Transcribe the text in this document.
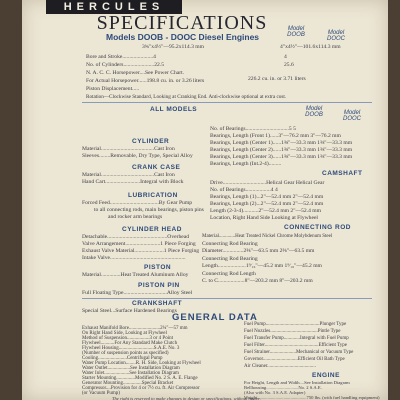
HERCULES
SPECIFICATIONS
Models DOOB - DOOC Diesel Engines
Model DOOB	Model DOOC
3¾"x4½"—95.2x114.3 mm	4"x4½"—101.6x114.3 mm
Bore and Stroke......................4	4
No. of Cylinders......................22.5	25.6
N. A. C. C. Horsepower....See Power Chart.
For Actual Horsepower......198.8 cu. in. or 3.26 liters	226.2 cu. in. or 3.71 liters
Piston Displacement.....
Rotation—Clockwise Standard, Looking at Cranking End. Anti-clockwise optional at extra cost.
ALL MODELS
CYLINDER
Material......................................Cast Iron
Sleeves........Removable, Dry Type, Special Alloy
CRANK CASE
Material......................................Cast Iron
Hand Cart.........................Integral with Block
LUBRICATION
Forced Feed...................................By Gear Pump
to all connecting rods, main bearings, piston pins
and rocker arm bearings
CYLINDER HEAD
Detachable...........................................Overhead
Valve Arrangement.........................1 Piece Forging
Exhaust Valve Material.....................1 Piece Forging
Intake Valve......................................................
PISTON
Material..............Heat Treated Aluminum Alloy
PISTON PIN
Full Floating Type...............................Alloy Steel
CRANKSHAFT
Special Steel...Surface Hardened Bearings
Model DOOB	Model DOOC
No. of Bearings...............................5 5
Bearings, Length (Front 1)......3"—76.2 mm 3"—76.2 mm
Bearings, Length (Center 1)......1⅜"—33.3 mm 1⅜"—33.3 mm
Bearings, Length (Center 2)......1⅜"—33.3 mm 1⅜"—33.3 mm
Bearings, Length (Center 3)......1⅜"—33.3 mm 1⅜"—33.3 mm
Bearings, Length (Int.2-4).........
CAMSHAFT
Drive...............................Helical Gear Helical Gear
No. of Bearings..................4 4
Bearings, Length (1)...2"—52.4 mm 2"—52.4 mm
Bearings, Length (2)...2"—52.4 mm 2"—52.4 mm
Length (2-3-4)...........2"—52.4 mm 2"—52.4 mm
Location, Right Hand Side Looking at Flywheel
CONNECTING ROD
Material.............Heat Treated Nickel Chrome Molybdenum Steel
Connecting Rod Bearing
Diameter...............2⅝"—63.5 mm 2⅝"—63.5 mm
Connecting Rod Bearing
Length....................1⁹⁄₁₆"—45.2 mm 1⁹⁄₁₆"—45.2 mm
Connecting Rod Length
C. to C...................8"—203.2 mm 8"—203.2 mm
GENERAL DATA
Exhaust Manifold Bore.........................2¼"—57 mm
On Right Hand Side, Looking at Flywheel
Method of Suspension..................3 or 4 Point
Flywheel...........For Any Standard Make Clutch
Flywheel Housing............................S.A.E. No. 3
(Number of suspension points as specified)
Cooling.......................Centrifugal Pump
Water Pump Location........R. H. Side, Looking at Flywheel
Water Outlet..................See Installation Diagram
Water Inlet....................See Installation Diagram
Starter Mounting...............Modified No. 2 S. A. E. Flange
Generator Mounting...............Special Bracket
Compressor....Provision for 4 or 7½ cu. ft. Air Compressor
(or Vacuum Pump)
Fuel Pump...........................................Plunger Type
Fuel Nozzles......................................Pintle Type
Fuel Transfer Pump.............Integral with Fuel Pump
Fuel Filter...........................................Efficient Type
Fuel Strainer.....................Mechanical or Vacuum Type
Governor............................Efficient Oil Bath Type
Air Cleaner.......................................
ENGINE
For Height, Length and Width....See Installation Diagram
Bellhousing............................No. 2 S.A.E.
(Also with No. 3 S.A.E. Adapter)
Weight...........................................750 lbs. (with fuel handling equipment)
The right is reserved to make changes in design or specifications, without notice.
